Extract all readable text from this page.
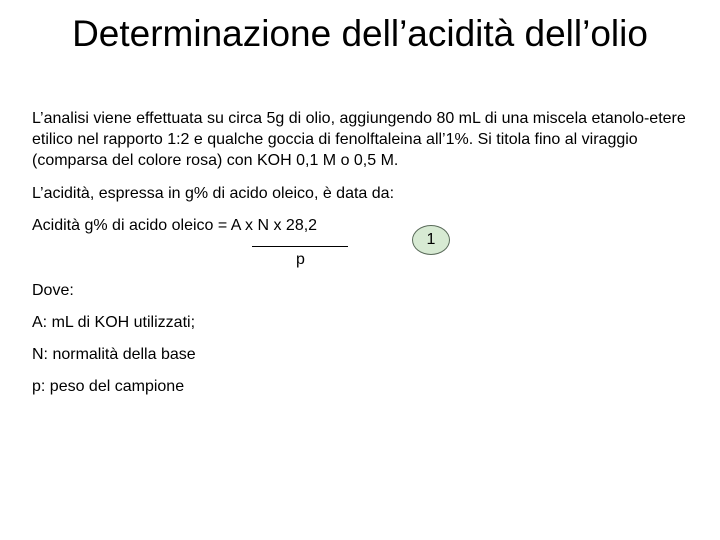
Determinazione dell’acidità dell’olio
L’analisi viene effettuata su circa 5g di olio, aggiungendo 80 mL di una miscela etanolo-etere etilico nel rapporto 1:2 e qualche goccia di fenolftaleina all’1%. Si titola fino al viraggio (comparsa del colore rosa) con KOH 0,1 M o 0,5 M.
L’acidità, espressa in g% di acido oleico, è data da:
Acidità g% di acido oleico = A x N x 28,2
p
1
Dove:
A: mL di KOH utilizzati;
N: normalità della base
p: peso del campione
